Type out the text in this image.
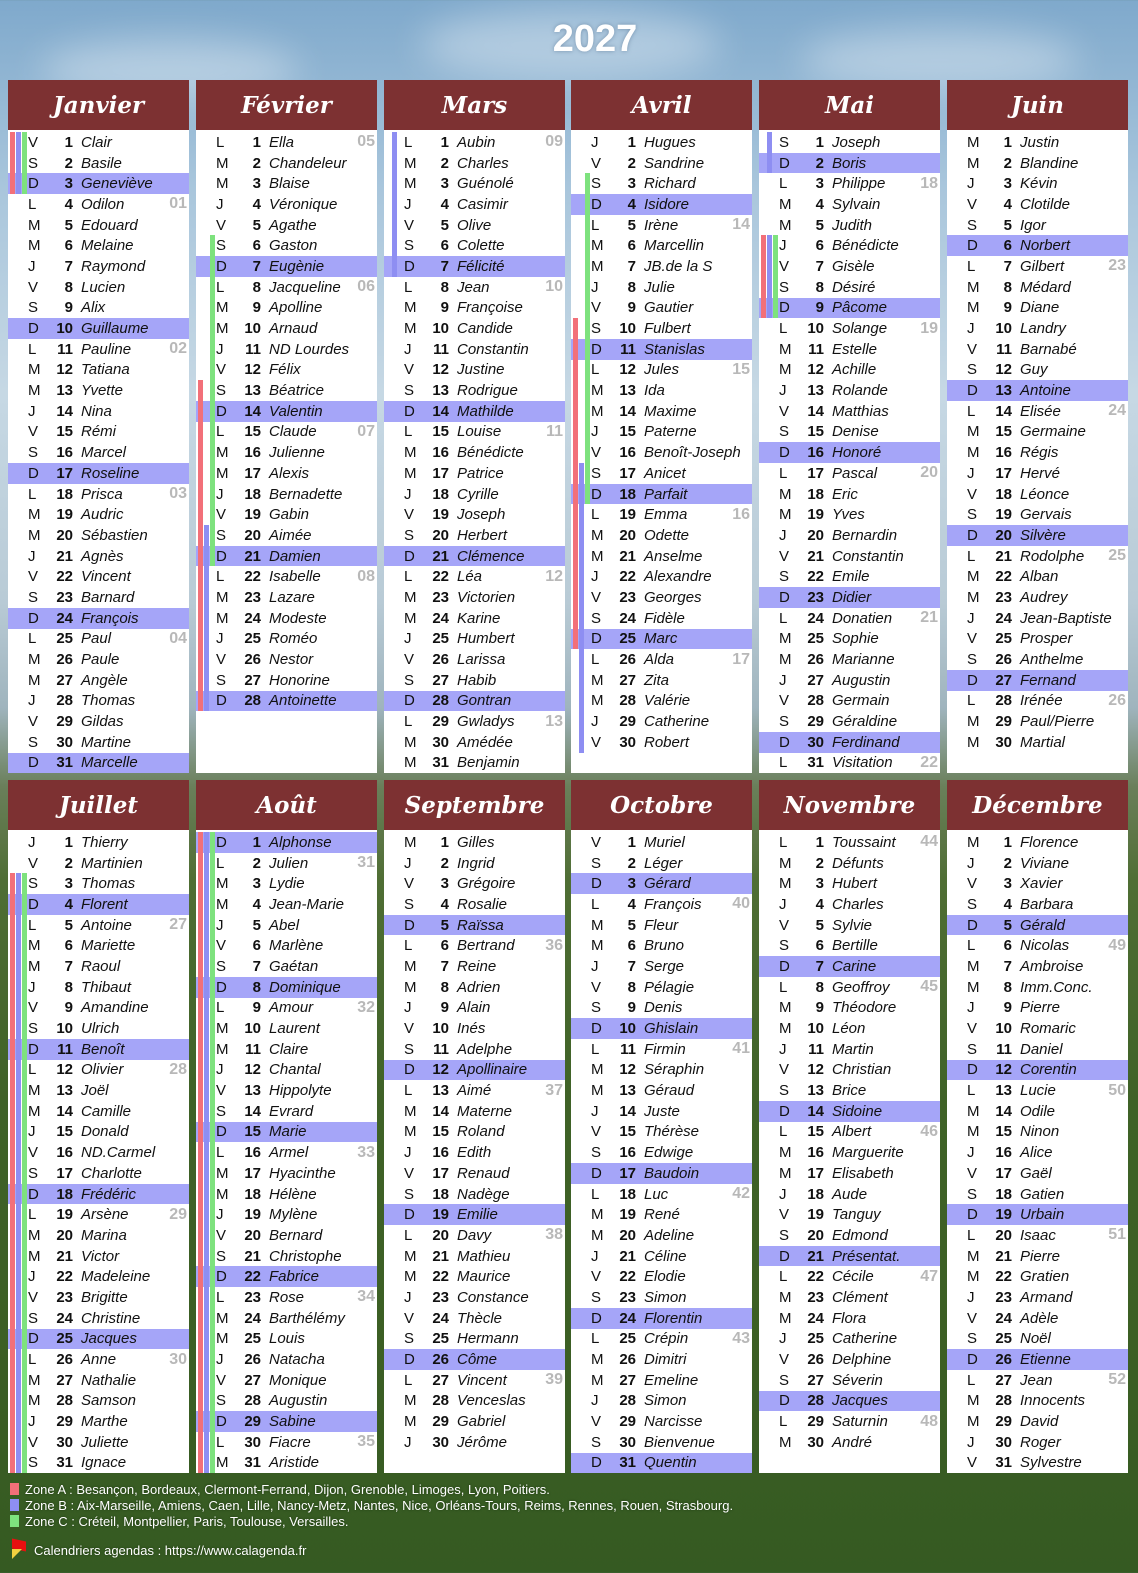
2027
Janvier
V	1 Clair
S	2 Basile
D	3 Geneviève
L	4 Odilon	01
M	5 Edouard
M	6 Melaine
J	7 Raymond
V	8 Lucien
S	9 Alix
D	10 Guillaume
L	11 Pauline 02
M	12 Tatiana
M	13 Yvette
J	14 Nina
V	15 Rémi
S	16 Marcel
D	17 Roseline
L	18 Prisca	03
M	19 Audric
M	20 Sébastien
J	21 Agnès
V	22 Vincent
S	23 Barnard
D	24 François
L	25 Paul	04
M	26 Paule
M	27 Angèle
J	28 Thomas
V	29 Gildas
S	30 Martine
D	31 Marcelle
Février
L	1 Ella	05
M	2 Chandeleur
M	3 Blaise
J	4 Véronique
V	5 Agathe
S	6 Gaston
D	7 Eugènie
L	8 Jacqueline 06
M	9 Apolline
M	10 Arnaud
J	11 ND Lourdes
V	12 Félix
S	13 Béatrice
D	14 Valentin
L	15 Claude	07
M	16 Julienne
M	17 Alexis
J	18 Bernadette
V	19 Gabin
S	20 Aimée
D	21 Damien
L	22 Isabelle 08
M	23 Lazare
M	24 Modeste
J	25 Roméo
V	26 Nestor
S	27 Honorine
D	28 Antoinette
Mars
L	1 Aubin	09
M	2 Charles
M	3 Guénolé
J	4 Casimir
V	5 Olive
S	6 Colette
D	7 Félicité
L	8 Jean	10
M	9 Françoise
M	10 Candide
J	11 Constantin
V	12 Justine
S	13 Rodrigue
D	14 Mathilde
L	15 Louise	11
M	16 Bénédicte
M	17 Patrice
J	18 Cyrille
V	19 Joseph
S	20 Herbert
D	21 Clémence
L	22 Léa	12
M	23 Victorien
M	24 Karine
J	25 Humbert
V	26 Larissa
S	27 Habib
D	28 Gontran
L	29 Gwladys 13
M	30 Amédée
M	31 Benjamin
Avril
J	1 Hugues
V	2 Sandrine
S	3 Richard
D	4 Isidore
L	5 Irène	14
M	6 Marcellin
M	7 JB.de la S
J	8 Julie
V	9 Gautier
S	10 Fulbert
D	11 Stanislas
L	12 Jules	15
M	13 Ida
M	14 Maxime
J	15 Paterne
V	16 Benoît-Joseph
S	17 Anicet
D	18 Parfait
L	19 Emma	16
M	20 Odette
M	21 Anselme
J	22 Alexandre
V	23 Georges
S	24 Fidèle
D	25 Marc
L	26 Alda	17
M	27 Zita
M	28 Valérie
J	29 Catherine
V	30 Robert
Mai
S	1 Joseph
D	2 Boris
L	3 Philippe 18
M	4 Sylvain
M	5 Judith
J	6 Bénédicte
V	7 Gisèle
S	8 Désiré
D	9 Pâcome
L	10 Solange 19
M	11 Estelle
M	12 Achille
J	13 Rolande
V	14 Matthias
S	15 Denise
D	16 Honoré
L	17 Pascal	20
M	18 Eric
M	19 Yves
J	20 Bernardin
V	21 Constantin
S	22 Emile
D	23 Didier
L	24 Donatien 21
M	25 Sophie
M	26 Marianne
J	27 Augustin
V	28 Germain
S	29 Géraldine
D	30 Ferdinand
L	31 Visitation 22
Juin
M	1 Justin
M	2 Blandine
J	3 Kévin
V	4 Clotilde
S	5 Igor
D	6 Norbert
L	7 Gilbert	23
M	8 Médard
M	9 Diane
J	10 Landry
V	11 Barnabé
S	12 Guy
D	13 Antoine
L	14 Elisée	24
M	15 Germaine
M	16 Régis
J	17 Hervé
V	18 Léonce
S	19 Gervais
D	20 Silvère
L	21 Rodolphe 25
M	22 Alban
M	23 Audrey
J	24 Jean-Baptiste
V	25 Prosper
S	26 Anthelme
D	27 Fernand
L	28 Irénée	26
M	29 Paul/Pierre
M	30 Martial
Juillet
J	1 Thierry
V	2 Martinien
S	3 Thomas
D	4 Florent
L	5 Antoine 27
M	6 Mariette
M	7 Raoul
J	8 Thibaut
V	9 Amandine
S	10 Ulrich
D	11 Benoît
L	12 Olivier	28
M	13 Joël
M	14 Camille
J	15 Donald
V	16 ND.Carmel
S	17 Charlotte
D	18 Frédéric
L	19 Arsène	29
M	20 Marina
M	21 Victor
J	22 Madeleine
V	23 Brigitte
S	24 Christine
D	25 Jacques
L	26 Anne	30
M	27 Nathalie
M	28 Samson
J	29 Marthe
V	30 Juliette
S	31 Ignace
Août
D	1 Alphonse
L	2 Julien	31
M	3 Lydie
M	4 Jean-Marie
J	5 Abel
V	6 Marlène
S	7 Gaétan
D	8 Dominique
L	9 Amour	32
M	10 Laurent
M	11 Claire
J	12 Chantal
V	13 Hippolyte
S	14 Evrard
D	15 Marie
L	16 Armel	33
M	17 Hyacinthe
M	18 Hélène
J	19 Mylène
V	20 Bernard
S	21 Christophe
D	22 Fabrice
L	23 Rose	34
M	24 Barthélémy
M	25 Louis
J	26 Natacha
V	27 Monique
S	28 Augustin
D	29 Sabine
L	30 Fiacre	35
M	31 Aristide
Septembre
M	1 Gilles
J	2 Ingrid
V	3 Grégoire
S	4 Rosalie
D	5 Raïssa
L	6 Bertrand 36
M	7 Reine
M	8 Adrien
J	9 Alain
V	10 Inés
S	11 Adelphe
D	12 Apollinaire
L	13 Aimé	37
M	14 Materne
M	15 Roland
J	16 Edith
V	17 Renaud
S	18 Nadège
D	19 Emilie
L	20 Davy	38
M	21 Mathieu
M	22 Maurice
J	23 Constance
V	24 Thècle
S	25 Hermann
D	26 Côme
L	27 Vincent 39
M	28 Venceslas
M	29 Gabriel
J	30 Jérôme
Octobre
V	1 Muriel
S	2 Léger
D	3 Gérard
L	4 François 40
M	5 Fleur
M	6 Bruno
J	7 Serge
V	8 Pélagie
S	9 Denis
D	10 Ghislain
L	11 Firmin	41
M	12 Séraphin
M	13 Géraud
J	14 Juste
V	15 Thérèse
S	16 Edwige
D	17 Baudoin
L	18 Luc	42
M	19 René
M	20 Adeline
J	21 Céline
V	22 Elodie
S	23 Simon
D	24 Florentin
L	25 Crépin	43
M	26 Dimitri
M	27 Emeline
J	28 Simon
V	29 Narcisse
S	30 Bienvenue
D	31 Quentin
Novembre
L	1 Toussaint 44
M	2 Défunts
M	3 Hubert
J	4 Charles
V	5 Sylvie
S	6 Bertille
D	7 Carine
L	8 Geoffroy 45
M	9 Théodore
M	10 Léon
J	11 Martin
V	12 Christian
S	13 Brice
D	14 Sidoine
L	15 Albert	46
M	16 Marguerite
M	17 Elisabeth
J	18 Aude
V	19 Tanguy
S	20 Edmond
D	21 Présentat.
L	22 Cécile	47
M	23 Clément
M	24 Flora
J	25 Catherine
V	26 Delphine
S	27 Séverin
D	28 Jacques
L	29 Saturnin 48
M	30 André
Décembre
M	1 Florence
J	2 Viviane
V	3 Xavier
S	4 Barbara
D	5 Gérald
L	6 Nicolas 49
M	7 Ambroise
M	8 Imm.Conc.
J	9 Pierre
V	10 Romaric
S	11 Daniel
D	12 Corentin
L	13 Lucie	50
M	14 Odile
M	15 Ninon
J	16 Alice
V	17 Gaël
S	18 Gatien
D	19 Urbain
L	20 Isaac	51
M	21 Pierre
M	22 Gratien
J	23 Armand
V	24 Adèle
S	25 Noël
D	26 Etienne
L	27 Jean	52
M	28 Innocents
M	29 David
J	30 Roger
V	31 Sylvestre
Zone A : Besançon, Bordeaux, Clermont-Ferrand, Dijon, Grenoble, Limoges, Lyon, Poitiers.
Zone B : Aix-Marseille, Amiens, Caen, Lille, Nancy-Metz, Nantes, Nice, Orléans-Tours, Reims, Rennes, Rouen, Strasbourg.
Zone C : Créteil, Montpellier, Paris, Toulouse, Versailles.
Calendriers agendas : https://www.calagenda.fr
